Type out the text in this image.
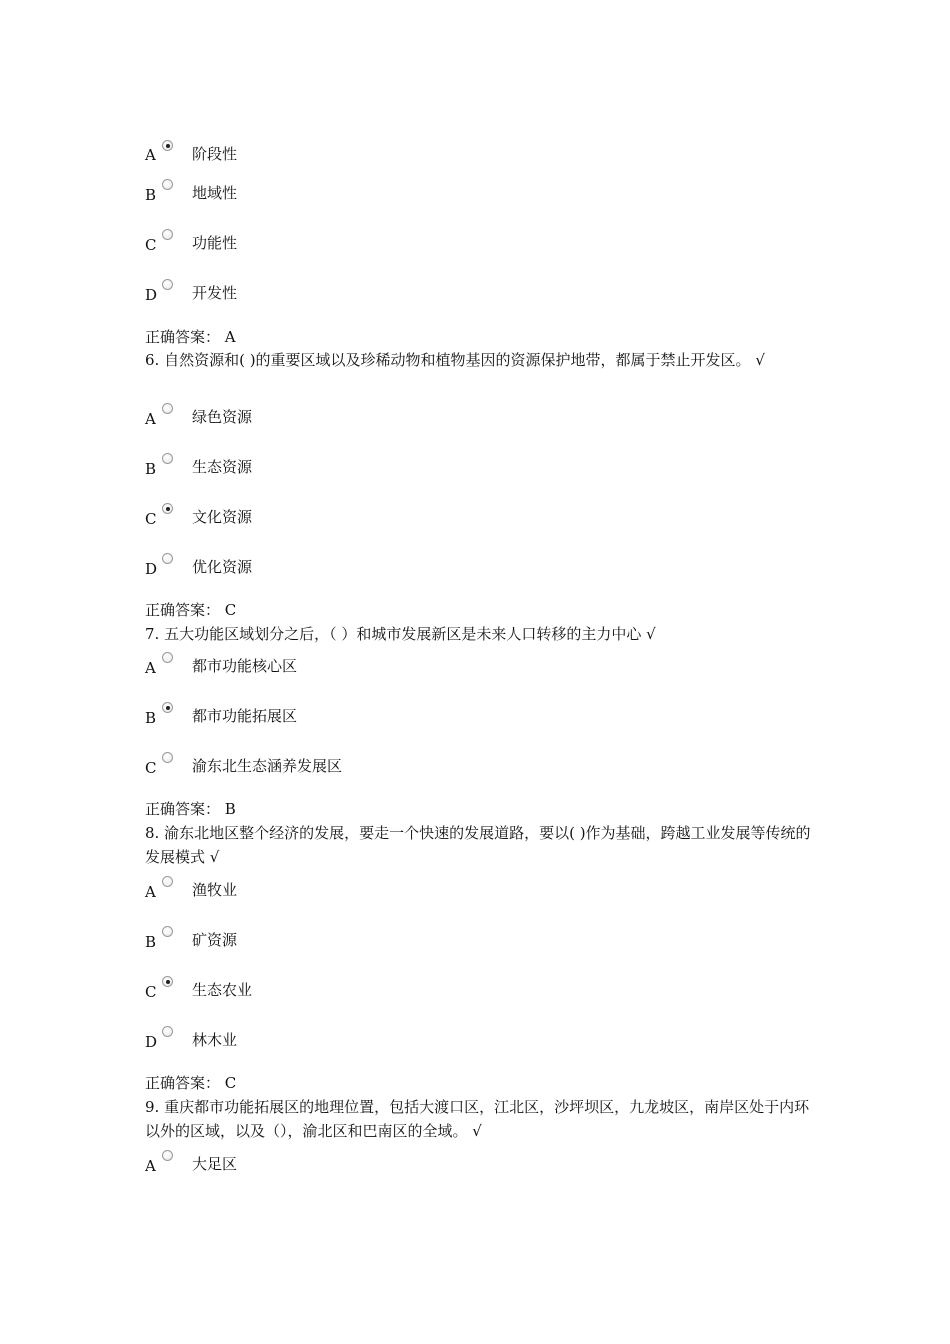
A 阶段性
B 地域性
C 功能性
D 开发性
正确答案： A
6. 自然资源和( )的重要区域以及珍稀动物和植物基因的资源保护地带，都属于禁止开发区。 √
A 绿色资源
B 生态资源
C 文化资源
D 优化资源
正确答案： C
7. 五大功能区域划分之后，（ ）和城市发展新区是未来人口转移的主力中心 √
A 都市功能核心区
B 都市功能拓展区
C 渝东北生态涵养发展区
正确答案： B
8. 渝东北地区整个经济的发展，要走一个快速的发展道路，要以( )作为基础，跨越工业发展等传统的发展模式 √
A 渔牧业
B 矿资源
C 生态农业
D 林木业
正确答案： C
9. 重庆都市功能拓展区的地理位置，包括大渡口区，江北区，沙坪坝区，九龙坡区，南岸区处于内环以外的区域，以及（），渝北区和巴南区的全域。 √
A 大足区
